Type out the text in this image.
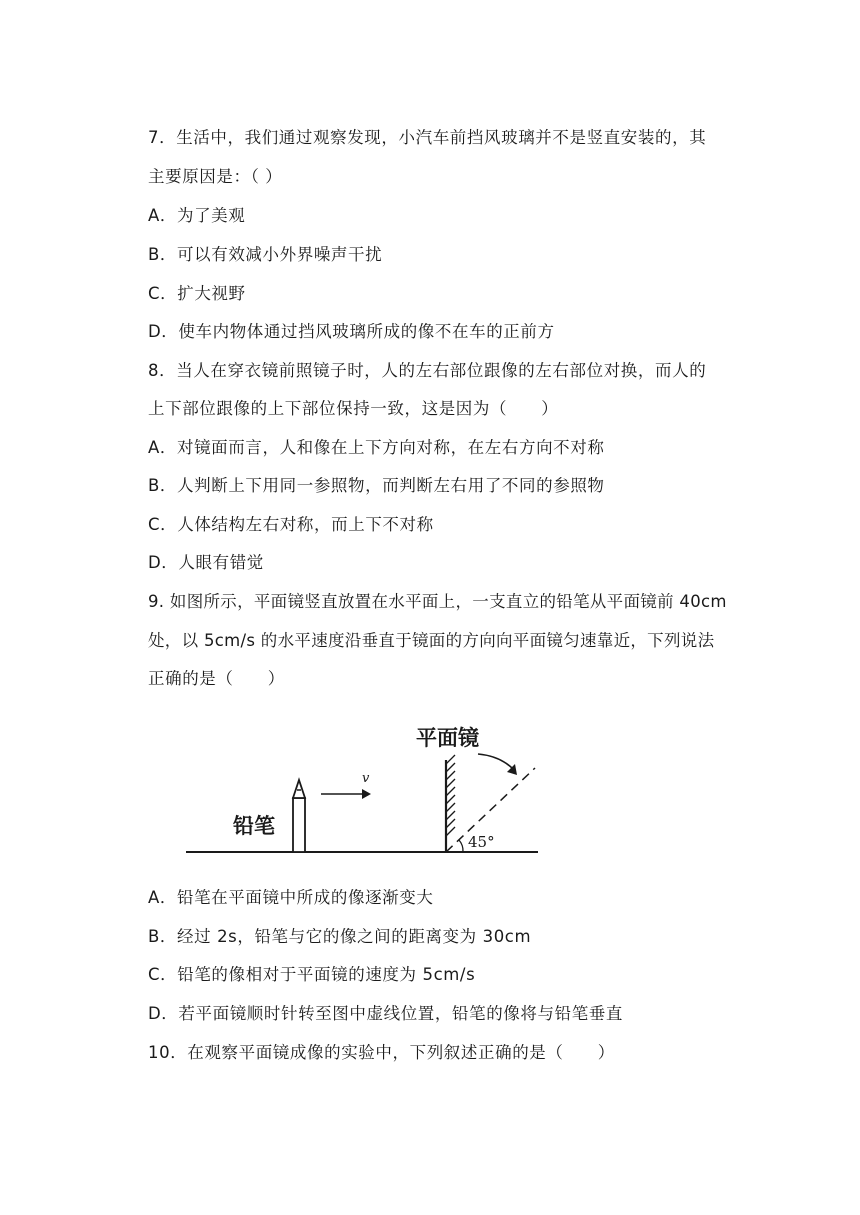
7．生活中，我们通过观察发现，小汽车前挡风玻璃并不是竖直安装的，其
主要原因是：（ ）
A．为了美观
B．可以有效减小外界噪声干扰
C．扩大视野
D．使车内物体通过挡风玻璃所成的像不在车的正前方
8．当人在穿衣镜前照镜子时，人的左右部位跟像的左右部位对换，而人的
上下部位跟像的上下部位保持一致，这是因为（　　）
A．对镜面而言，人和像在上下方向对称，在左右方向不对称
B．人判断上下用同一参照物，而判断左右用了不同的参照物
C．人体结构左右对称，而上下不对称
D．人眼有错觉
9. 如图所示，平面镜竖直放置在水平面上，一支直立的铅笔从平面镜前 40cm
处，以 5cm/s 的水平速度沿垂直于镜面的方向向平面镜匀速靠近，下列说法
正确的是（　　）
v
铅笔
平面镜
45°
A．铅笔在平面镜中所成的像逐渐变大
B．经过 2s，铅笔与它的像之间的距离变为 30cm
C．铅笔的像相对于平面镜的速度为 5cm/s
D．若平面镜顺时针转至图中虚线位置，铅笔的像将与铅笔垂直
10．在观察平面镜成像的实验中，下列叙述正确的是（　　）
